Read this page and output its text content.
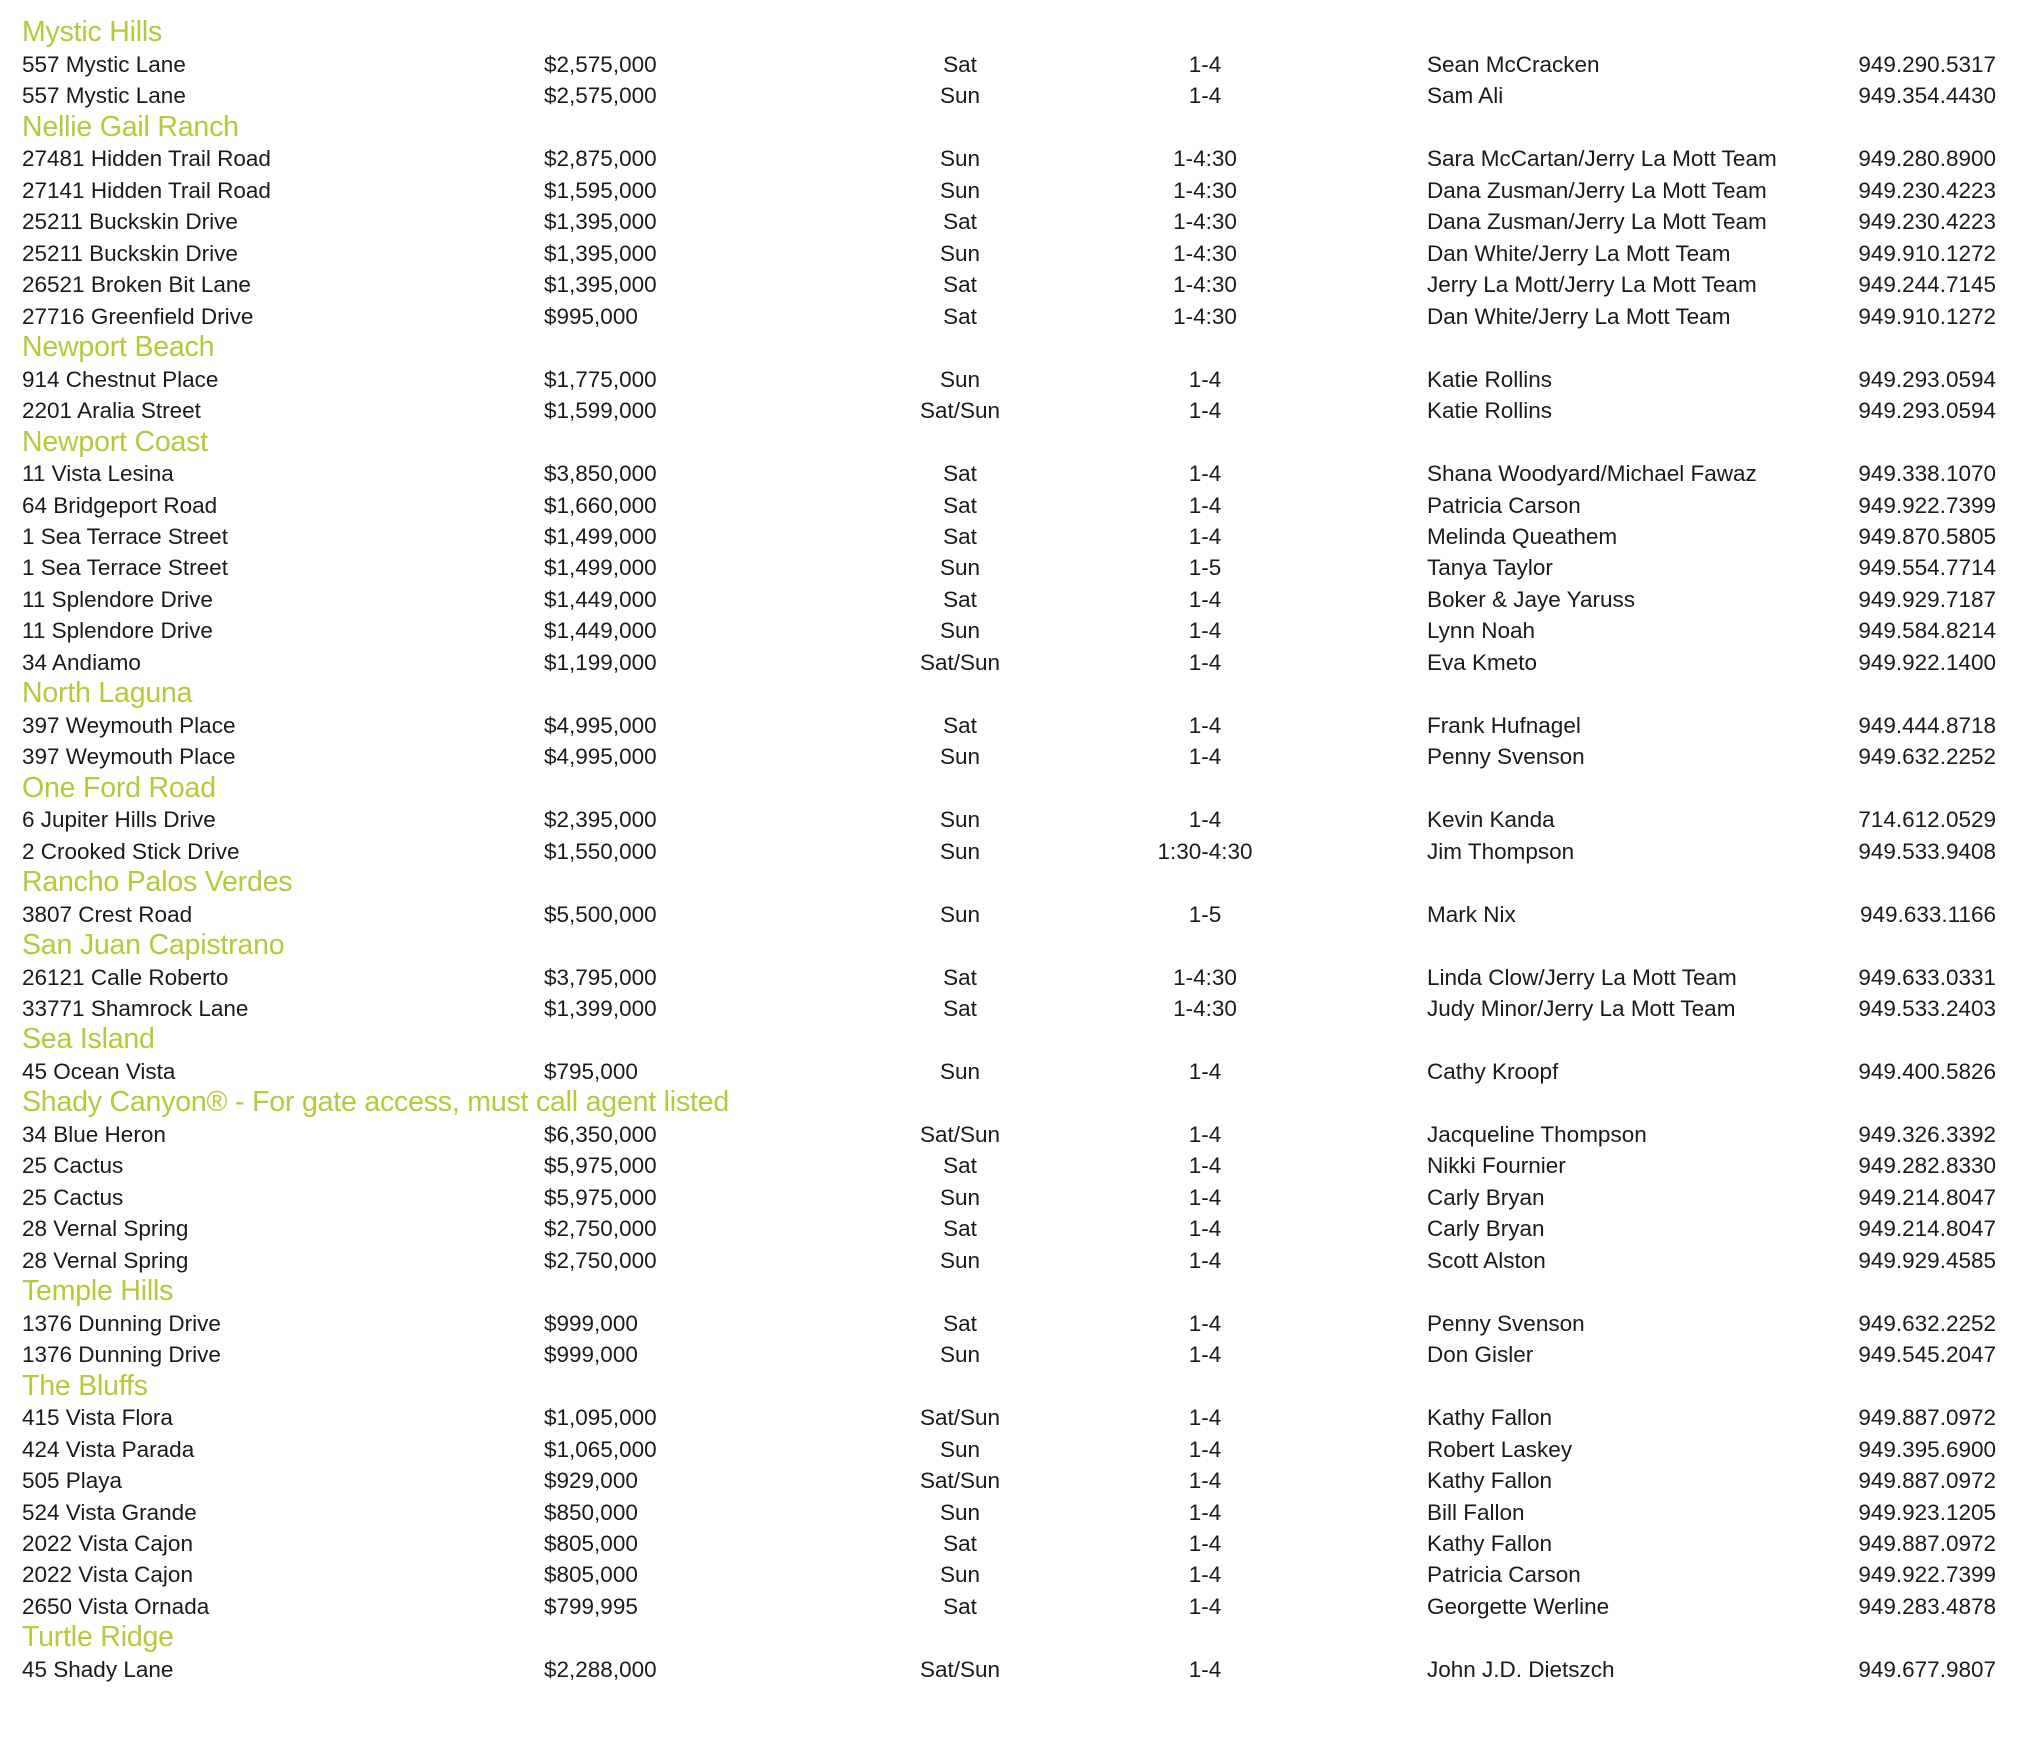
Mystic Hills
557 Mystic Lane	$2,575,000	Sat	1-4	Sean McCracken	949.290.5317
557 Mystic Lane	$2,575,000	Sun	1-4	Sam Ali	949.354.4430
Nellie Gail Ranch
27481 Hidden Trail Road	$2,875,000	Sun	1-4:30	Sara McCartan/Jerry La Mott Team	949.280.8900
27141 Hidden Trail Road	$1,595,000	Sun	1-4:30	Dana Zusman/Jerry La Mott Team	949.230.4223
25211 Buckskin Drive	$1,395,000	Sat	1-4:30	Dana Zusman/Jerry La Mott Team	949.230.4223
25211 Buckskin Drive	$1,395,000	Sun	1-4:30	Dan White/Jerry La Mott Team	949.910.1272
26521 Broken Bit Lane	$1,395,000	Sat	1-4:30	Jerry La Mott/Jerry La Mott Team	949.244.7145
27716 Greenfield Drive	$995,000	Sat	1-4:30	Dan White/Jerry La Mott Team	949.910.1272
Newport Beach
914 Chestnut Place	$1,775,000	Sun	1-4	Katie Rollins	949.293.0594
2201 Aralia Street	$1,599,000	Sat/Sun	1-4	Katie Rollins	949.293.0594
Newport Coast
11 Vista Lesina	$3,850,000	Sat	1-4	Shana Woodyard/Michael Fawaz	949.338.1070
64 Bridgeport Road	$1,660,000	Sat	1-4	Patricia Carson	949.922.7399
1 Sea Terrace Street	$1,499,000	Sat	1-4	Melinda Queathem	949.870.5805
1 Sea Terrace Street	$1,499,000	Sun	1-5	Tanya Taylor	949.554.7714
11 Splendore Drive	$1,449,000	Sat	1-4	Boker & Jaye Yaruss	949.929.7187
11 Splendore Drive	$1,449,000	Sun	1-4	Lynn Noah	949.584.8214
34 Andiamo	$1,199,000	Sat/Sun	1-4	Eva Kmeto	949.922.1400
North Laguna
397 Weymouth Place	$4,995,000	Sat	1-4	Frank Hufnagel	949.444.8718
397 Weymouth Place	$4,995,000	Sun	1-4	Penny Svenson	949.632.2252
One Ford Road
6 Jupiter Hills Drive	$2,395,000	Sun	1-4	Kevin Kanda	714.612.0529
2 Crooked Stick Drive	$1,550,000	Sun	1:30-4:30	Jim Thompson	949.533.9408
Rancho Palos Verdes
3807 Crest Road	$5,500,000	Sun	1-5	Mark Nix	949.633.1166
San Juan Capistrano
26121 Calle Roberto	$3,795,000	Sat	1-4:30	Linda Clow/Jerry La Mott Team	949.633.0331
33771 Shamrock Lane	$1,399,000	Sat	1-4:30	Judy Minor/Jerry La Mott Team	949.533.2403
Sea Island
45 Ocean Vista	$795,000	Sun	1-4	Cathy Kroopf	949.400.5826
Shady Canyon® - For gate access, must call agent listed
34 Blue Heron	$6,350,000	Sat/Sun	1-4	Jacqueline Thompson	949.326.3392
25 Cactus	$5,975,000	Sat	1-4	Nikki Fournier	949.282.8330
25 Cactus	$5,975,000	Sun	1-4	Carly Bryan	949.214.8047
28 Vernal Spring	$2,750,000	Sat	1-4	Carly Bryan	949.214.8047
28 Vernal Spring	$2,750,000	Sun	1-4	Scott Alston	949.929.4585
Temple Hills
1376 Dunning Drive	$999,000	Sat	1-4	Penny Svenson	949.632.2252
1376 Dunning Drive	$999,000	Sun	1-4	Don Gisler	949.545.2047
The Bluffs
415 Vista Flora	$1,095,000	Sat/Sun	1-4	Kathy Fallon	949.887.0972
424 Vista Parada	$1,065,000	Sun	1-4	Robert Laskey	949.395.6900
505 Playa	$929,000	Sat/Sun	1-4	Kathy Fallon	949.887.0972
524 Vista Grande	$850,000	Sun	1-4	Bill Fallon	949.923.1205
2022 Vista Cajon	$805,000	Sat	1-4	Kathy Fallon	949.887.0972
2022 Vista Cajon	$805,000	Sun	1-4	Patricia Carson	949.922.7399
2650 Vista Ornada	$799,995	Sat	1-4	Georgette Werline	949.283.4878
Turtle Ridge
45 Shady Lane	$2,288,000	Sat/Sun	1-4	John J.D. Dietszch	949.677.9807
